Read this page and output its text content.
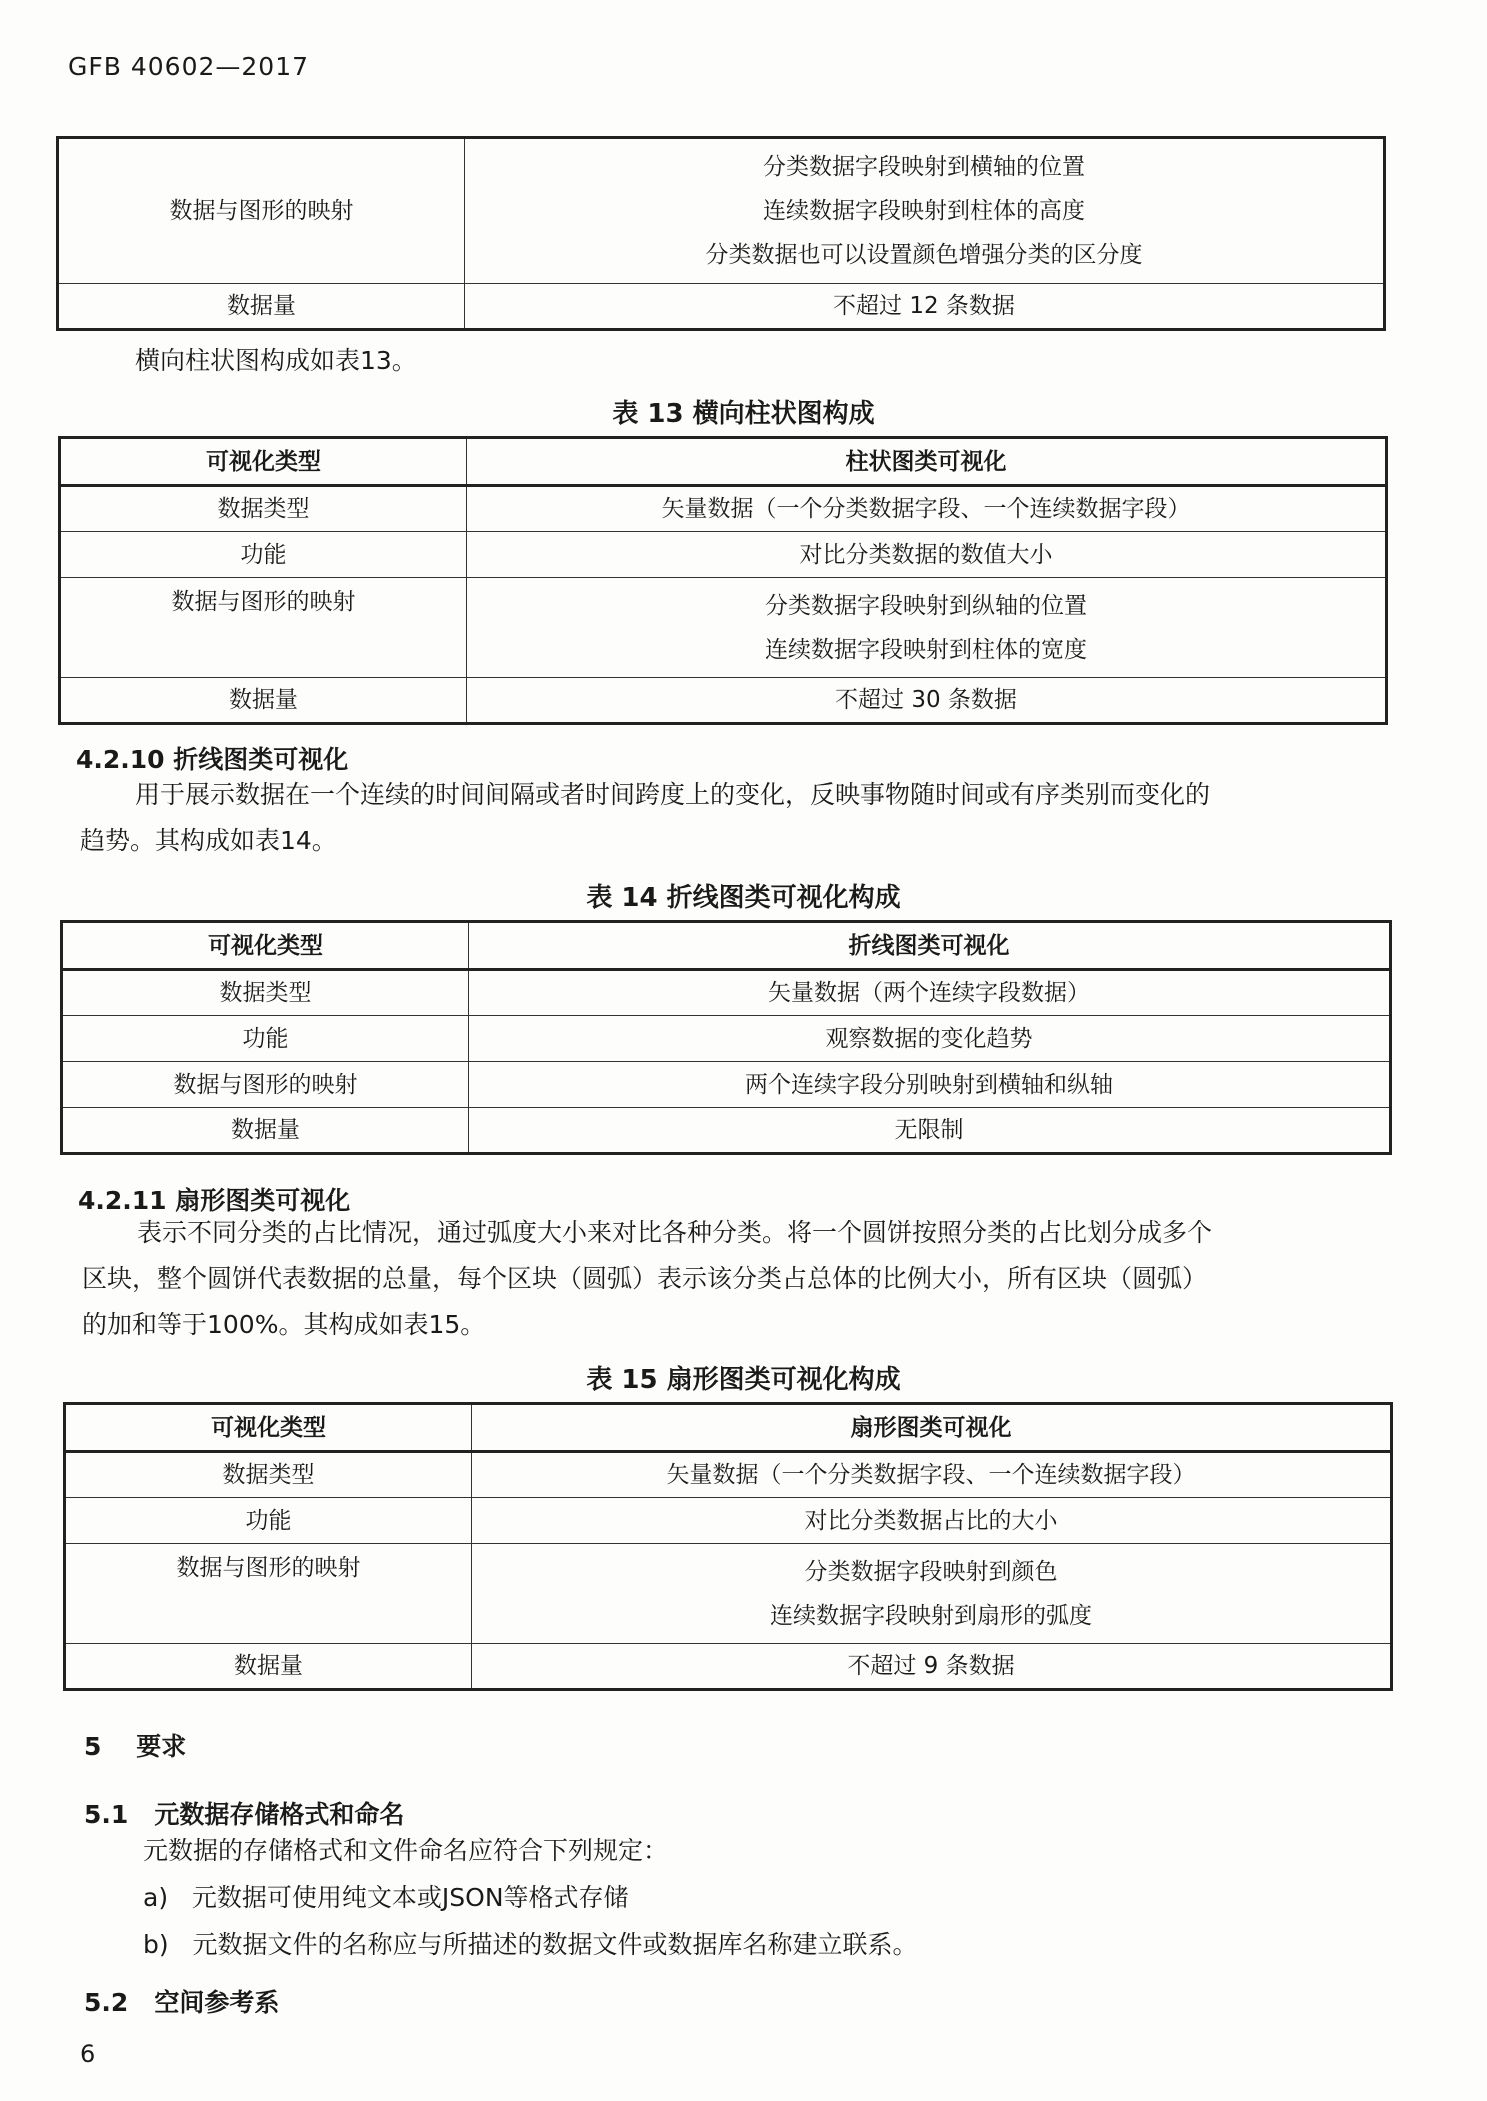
GFB 40602—2017
数据与图形的映射	分类数据字段映射到横轴的位置
连续数据字段映射到柱体的高度
分类数据也可以设置颜色增强分类的区分度

数据量	不超过 12 条数据
横向柱状图构成如表13。
表 13 横向柱状图构成
可视化类型	柱状图类可视化
数据类型	矢量数据（一个分类数据字段、一个连续数据字段）
功能	对比分类数据的数值大小
数据与图形的映射	分类数据字段映射到纵轴的位置
连续数据字段映射到柱体的宽度

数据量	不超过 30 条数据
4.2.10 折线图类可视化
用于展示数据在一个连续的时间间隔或者时间跨度上的变化，反映事物随时间或有序类别而变化的
趋势。其构成如表14。
表 14 折线图类可视化构成
可视化类型	折线图类可视化
数据类型	矢量数据（两个连续字段数据）
功能	观察数据的变化趋势
数据与图形的映射	两个连续字段分别映射到横轴和纵轴
数据量	无限制
4.2.11 扇形图类可视化
表示不同分类的占比情况，通过弧度大小来对比各种分类。将一个圆饼按照分类的占比划分成多个
区块，整个圆饼代表数据的总量，每个区块（圆弧）表示该分类占总体的比例大小，所有区块（圆弧）
的加和等于100%。其构成如表15。
表 15 扇形图类可视化构成
可视化类型	扇形图类可视化
数据类型	矢量数据（一个分类数据字段、一个连续数据字段）
功能	对比分类数据占比的大小
数据与图形的映射	分类数据字段映射到颜色
连续数据字段映射到扇形的弧度

数据量	不超过 9 条数据
5    要求
5.1   元数据存储格式和命名
元数据的存储格式和文件命名应符合下列规定：
a)   元数据可使用纯文本或JSON等格式存储
b)   元数据文件的名称应与所描述的数据文件或数据库名称建立联系。
5.2   空间参考系
6
